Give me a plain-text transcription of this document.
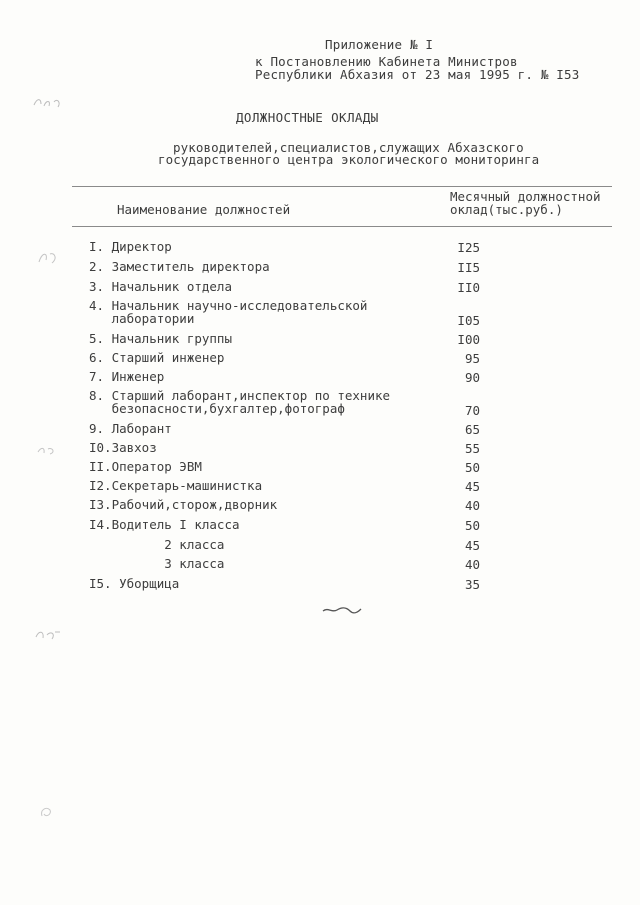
Приложение № I
к Постановлению Кабинета Министров
Республики Абхазия от 23 мая 1995 г. № I53
ДОЛЖНОСТНЫЕ ОКЛАДЫ
руководителей,специалистов,служащих Абхазского
государственного центра экологического мониторинга
Наименование должностей
Месячный должностной
оклад(тыс.руб.)
I. Директор	I25
2. Заместитель директора	II5
3. Начальник отдела	II0
4. Начальник научно-исследовательской
лаборатории	I05
5. Начальник группы	I00
6. Старший инженер	95
7. Инженер	90
8. Старший лаборант,инспектор по технике
безопасности,бухгалтер,фотограф	70
9. Лаборант	65
I0.Завхоз	55
II.Оператор ЭВМ	50
I2.Секретарь-машинистка	45
I3.Рабочий,сторож,дворник	40
I4.Водитель I класса	50
2 класса	45
3 класса	40
I5. Уборщица	35
